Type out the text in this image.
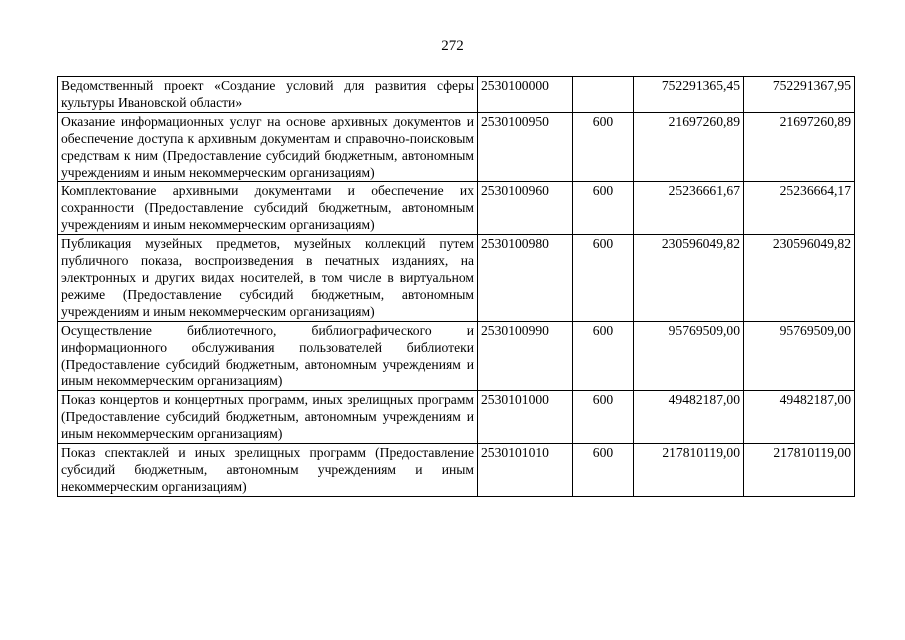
272
Ведомственный проект «Создание условий для развития сферы культуры Ивановской области»	2530100000		752291365,45	752291367,95
Оказание информационных услуг на основе архивных документов и обеспечение доступа к архивным документам и справочно-поисковым средствам к ним (Предоставление субсидий бюджетным, автономным учреждениям и иным некоммерческим организациям)	2530100950	600	21697260,89	21697260,89
Комплектование архивными документами и обеспечение их сохранности (Предоставление субсидий бюджетным, автономным учреждениям и иным некоммерческим организациям)	2530100960	600	25236661,67	25236664,17
Публикация музейных предметов, музейных коллекций путем публичного показа, воспроизведения в печатных изданиях, на электронных и других видах носителей, в том числе в виртуальном режиме (Предоставление субсидий бюджетным, автономным учреждениям и иным некоммерческим организациям)	2530100980	600	230596049,82	230596049,82
Осуществление библиотечного, библиографического и информационного обслуживания пользователей библиотеки (Предоставление субсидий бюджетным, автономным учреждениям и иным некоммерческим организациям)	2530100990	600	95769509,00	95769509,00
Показ концертов и концертных программ, иных зрелищных программ (Предоставление субсидий бюджетным, автономным учреждениям и иным некоммерческим организациям)	2530101000	600	49482187,00	49482187,00
Показ спектаклей и иных зрелищных программ (Предоставление субсидий бюджетным, автономным учреждениям и иным некоммерческим организациям)	2530101010	600	217810119,00	217810119,00
